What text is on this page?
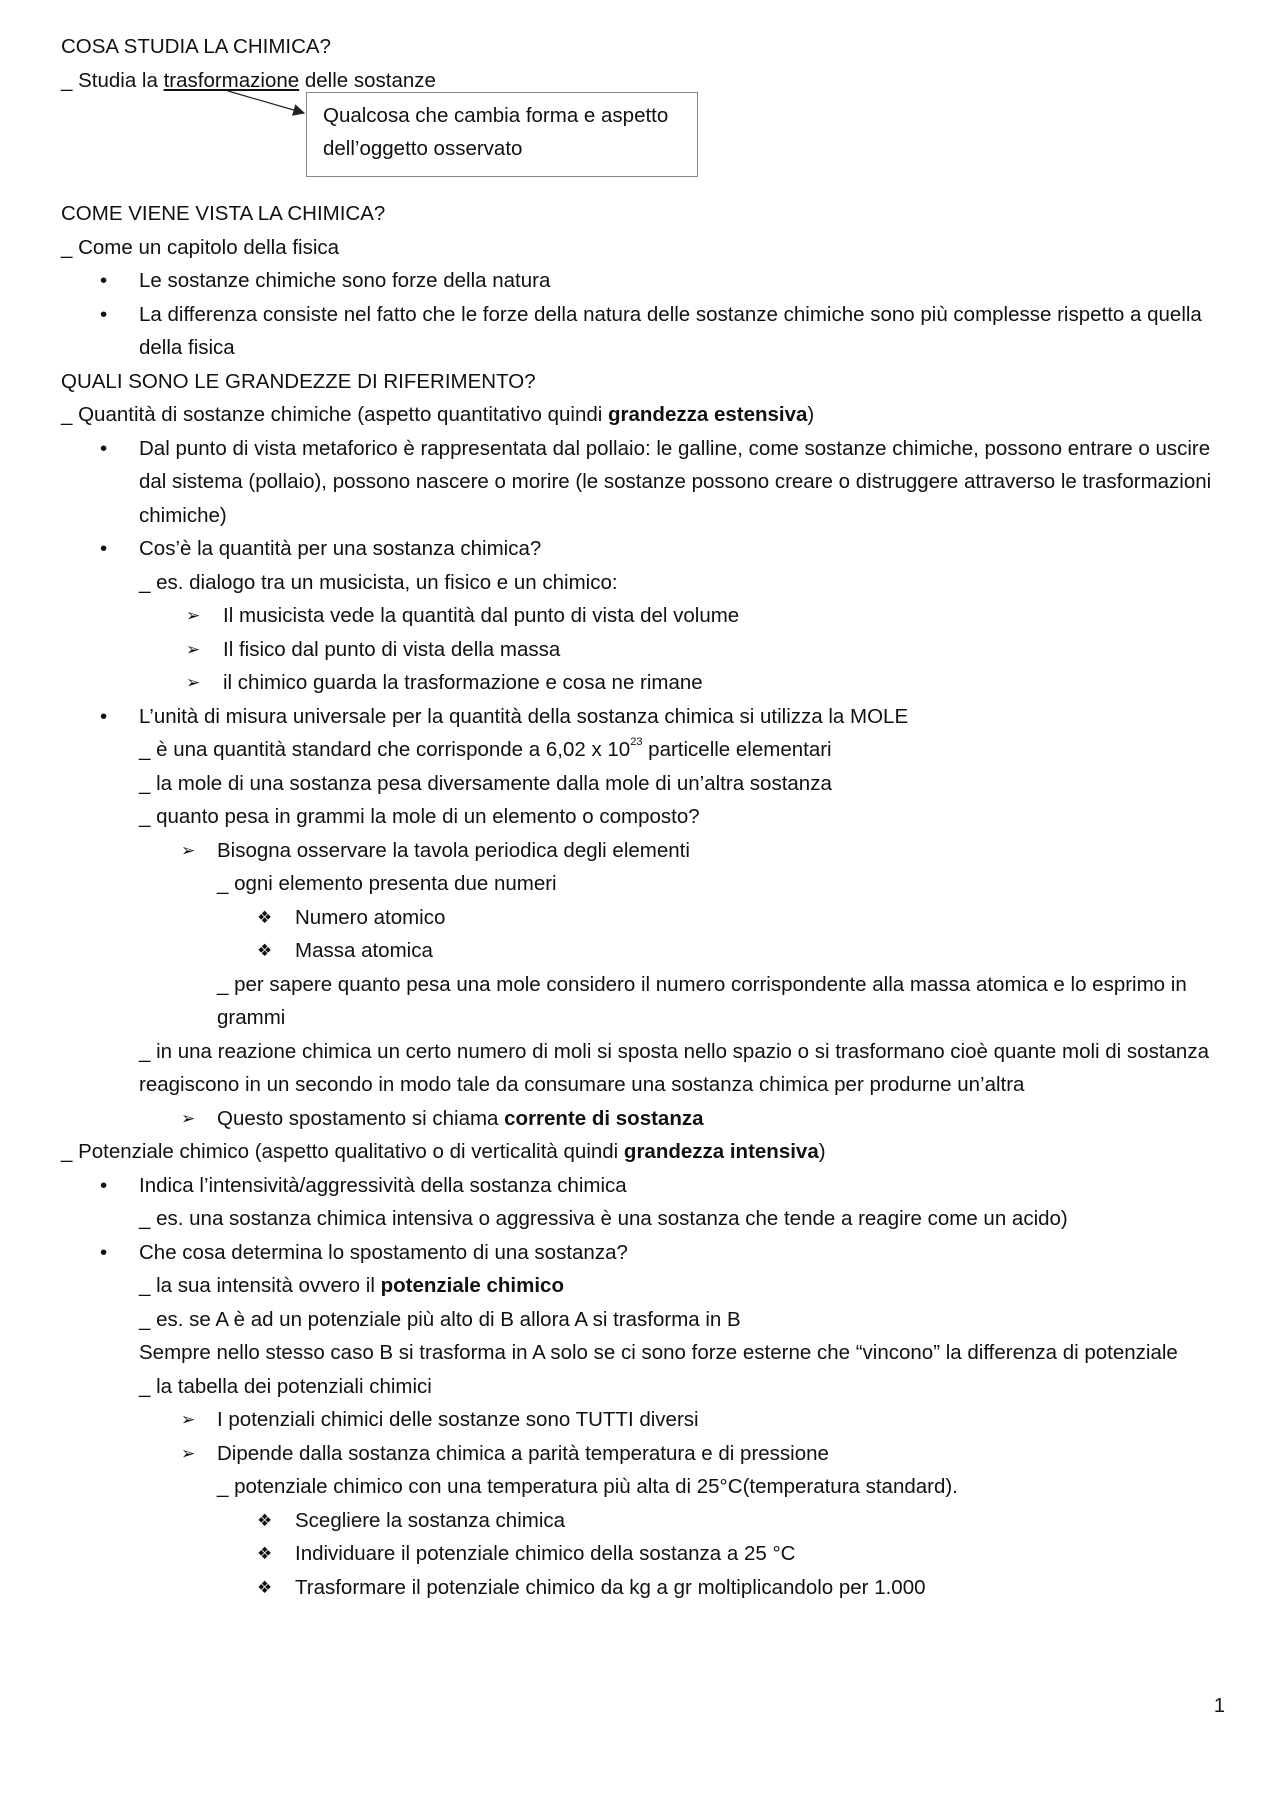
Qualcosa che cambia forma e aspetto dell’oggetto osservato
COSA STUDIA LA CHIMICA?
_ Studia la trasformazione delle sostanze
COME VIENE VISTA LA CHIMICA?
_ Come un capitolo della fisica
• Le sostanze chimiche sono forze della natura
• La differenza consiste nel fatto che le forze della natura delle sostanze chimiche sono più complesse rispetto a quella della fisica
QUALI SONO LE GRANDEZZE DI RIFERIMENTO?
_ Quantità di sostanze chimiche (aspetto quantitativo quindi grandezza estensiva)
• Dal punto di vista metaforico è rappresentata dal pollaio: le galline, come sostanze chimiche, possono entrare o uscire dal sistema (pollaio), possono nascere o morire (le sostanze possono creare o distruggere attraverso le trasformazioni chimiche)
• Cos’è la quantità per una sostanza chimica?
_ es. dialogo tra un musicista, un fisico e un chimico:
➢ Il musicista vede la quantità dal punto di vista del volume
➢ Il fisico dal punto di vista della massa
➢ il chimico guarda la trasformazione e cosa ne rimane
• L’unità di misura universale per la quantità della sostanza chimica si utilizza la MOLE
_ è una quantità standard che corrisponde a 6,02 x $10^{23}$ particelle elementari
_ la mole di una sostanza pesa diversamente dalla mole di un’altra sostanza
_ quanto pesa in grammi la mole di un elemento o composto?
➢ Bisogna osservare la tavola periodica degli elementi
_ ogni elemento presenta due numeri
❖ Numero atomico
❖ Massa atomica
_ per sapere quanto pesa una mole considero il numero corrispondente alla massa atomica e lo esprimo in grammi
_ in una reazione chimica un certo numero di moli si sposta nello spazio o si trasformano cioè quante moli di sostanza reagiscono in un secondo in modo tale da consumare una sostanza chimica per produrne un’altra
➢ Questo spostamento si chiama corrente di sostanza
_ Potenziale chimico (aspetto qualitativo o di verticalità quindi grandezza intensiva)
• Indica l’intensività/aggressività della sostanza chimica
_ es. una sostanza chimica intensiva o aggressiva è una sostanza che tende a reagire come un acido)
• Che cosa determina lo spostamento di una sostanza?
_ la sua intensità ovvero il potenziale chimico
_ es. se A è ad un potenziale più alto di B allora A si trasforma in B
Sempre nello stesso caso B si trasforma in A solo se ci sono forze esterne che “vincono” la differenza di potenziale
_ la tabella dei potenziali chimici
➢ I potenziali chimici delle sostanze sono TUTTI diversi
➢ Dipende dalla sostanza chimica a parità temperatura e di pressione
_ potenziale chimico con una temperatura più alta di 25°C(temperatura standard).
❖ Scegliere la sostanza chimica
❖ Individuare il potenziale chimico della sostanza a 25 °C
❖ Trasformare il potenziale chimico da kg a gr moltiplicandolo per 1.000
1
